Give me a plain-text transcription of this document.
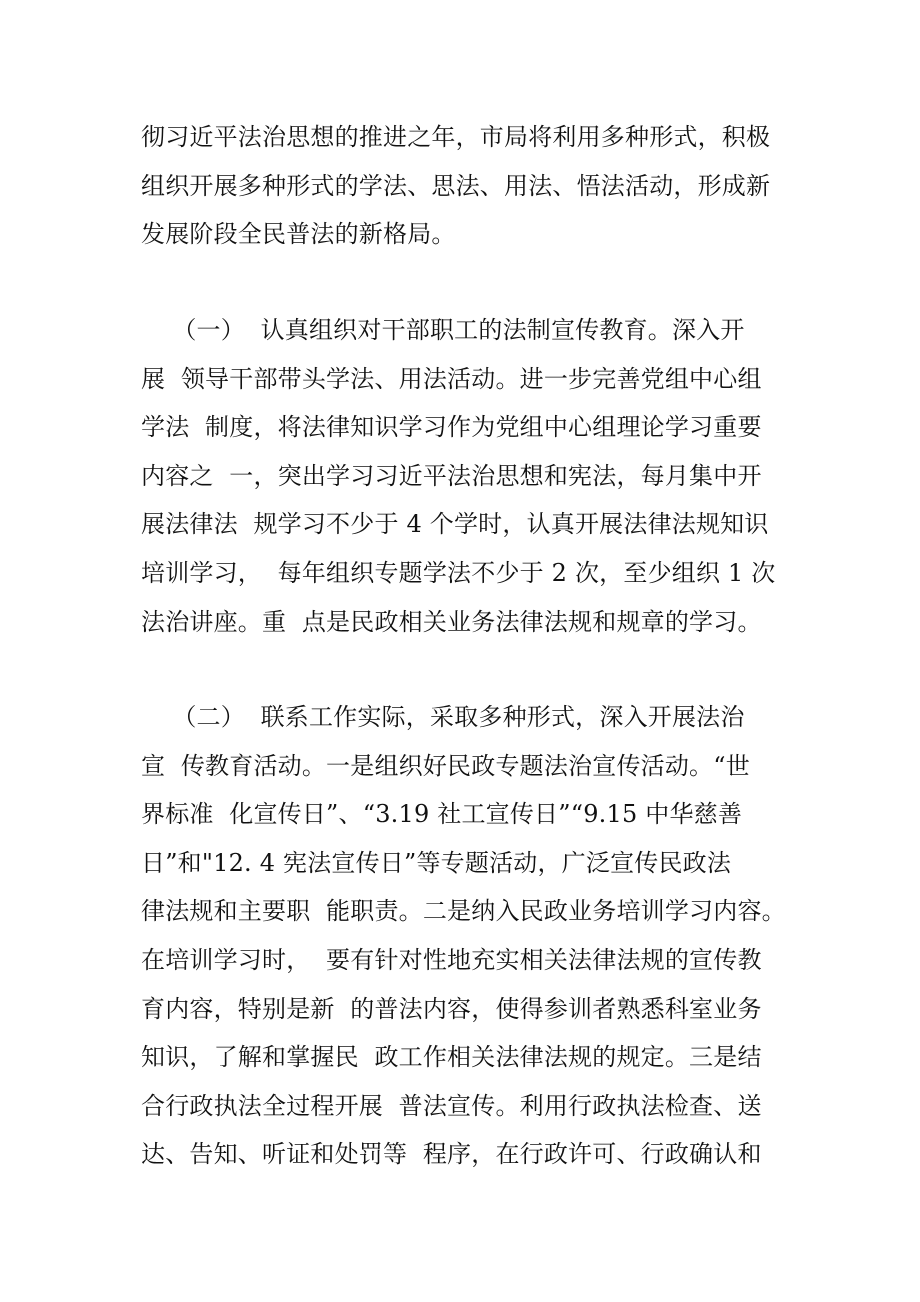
彻习近平法治思想的推进之年，市局将利用多种形式，积极
组织开展多种形式的学法、思法、用法、悟法活动，形成新
发展阶段全民普法的新格局。
（一）  认真组织对干部职工的法制宣传教育。深入开
展  领导干部带头学法、用法活动。进一步完善党组中心组
学法  制度，将法律知识学习作为党组中心组理论学习重要
内容之  一，突出学习习近平法治思想和宪法，每月集中开
展法律法  规学习不少于 4 个学时，认真开展法律法规知识
培训学习，  每年组织专题学法不少于 2 次，至少组织 1 次
法治讲座。重  点是民政相关业务法律法规和规章的学习。
（二）  联系工作实际，采取多种形式，深入开展法治
宣  传教育活动。一是组织好民政专题法治宣传活动。“世
界标准  化宣传日”、“3.19 社工宣传日”“9.15 中华慈善
日”和"12. 4 宪法宣传日”等专题活动，广泛宣传民政法
律法规和主要职  能职责。二是纳入民政业务培训学习内容。
在培训学习时，  要有针对性地充实相关法律法规的宣传教
育内容，特别是新  的普法内容，使得参训者熟悉科室业务
知识，了解和掌握民  政工作相关法律法规的规定。三是结
合行政执法全过程开展  普法宣传。利用行政执法检查、送
达、告知、听证和处罚等  程序，在行政许可、行政确认和
